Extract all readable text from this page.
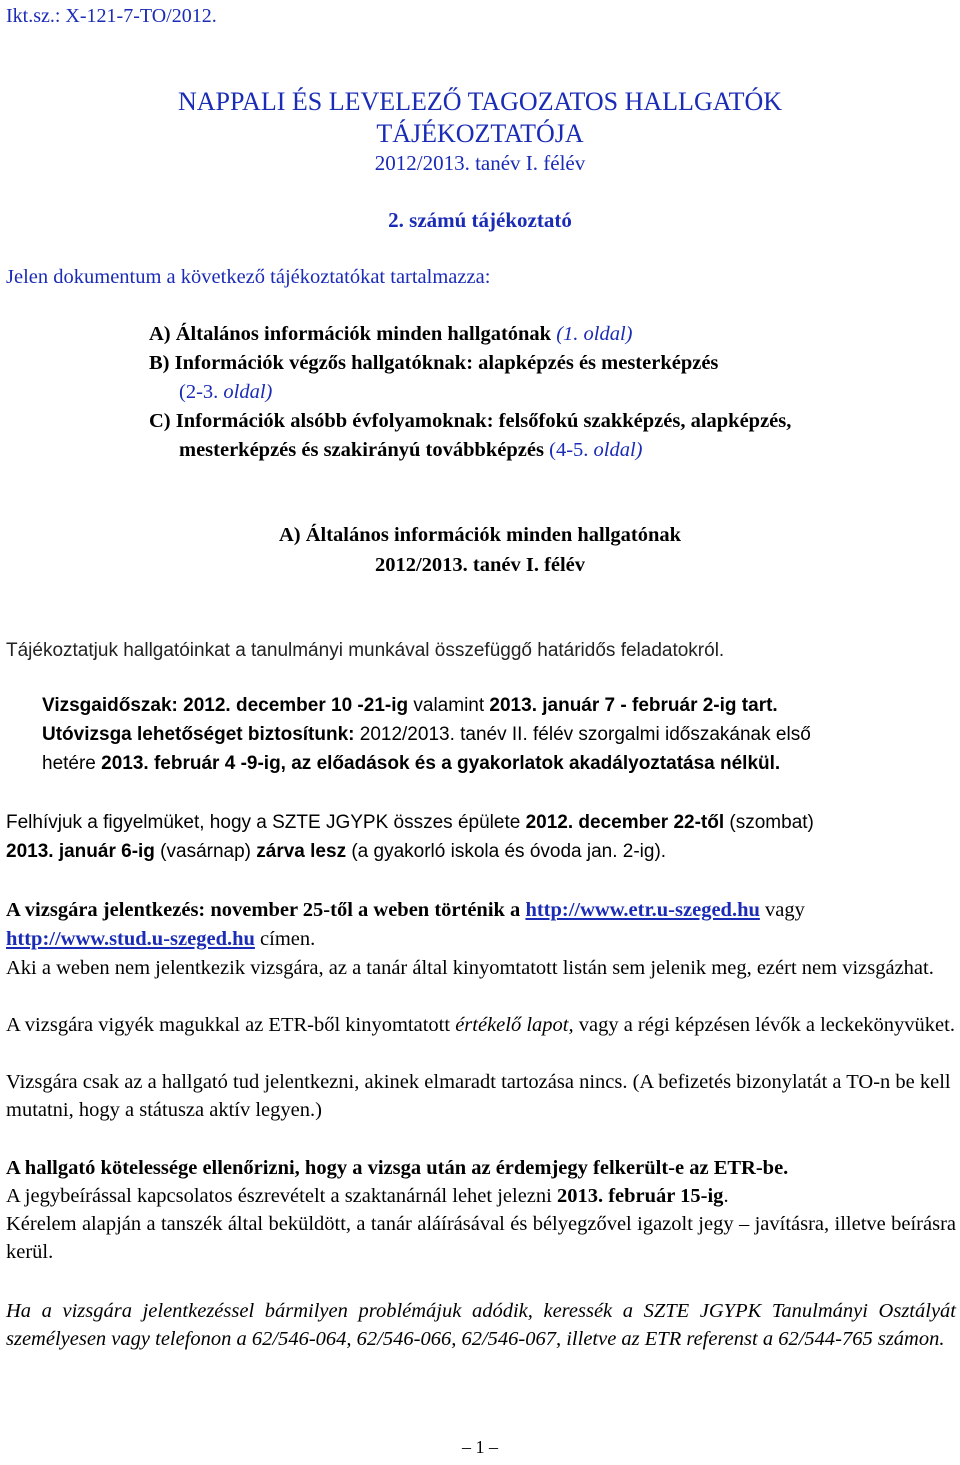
Ikt.sz.: X-121-7-TO/2012.
NAPPALI ÉS LEVELEZŐ TAGOZATOS HALLGATÓK
TÁJÉKOZTATÓJA
2012/2013. tanév I. félév
2. számú tájékoztató
Jelen dokumentum a következő tájékoztatókat tartalmazza:
A) Általános információk minden hallgatónak (1. oldal)
B) Információk végzős hallgatóknak: alapképzés és mesterképzés
(2-3. oldal)
C) Információk alsóbb évfolyamoknak: felsőfokú szakképzés, alapképzés,
mesterképzés és szakirányú továbbképzés (4-5. oldal)
A) Általános információk minden hallgatónak
2012/2013. tanév I. félév
Tájékoztatjuk hallgatóinkat a tanulmányi munkával összefüggő határidős feladatokról.
Vizsgaidőszak: 2012. december 10 -21-ig valamint 2013. január 7 - február 2-ig tart.
Utóvizsga lehetőséget biztosítunk: 2012/2013. tanév II. félév szorgalmi időszakának első
hetére 2013. február 4 -9-ig, az előadások és a gyakorlatok akadályoztatása nélkül.
Felhívjuk a figyelmüket, hogy a SZTE JGYPK összes épülete 2012. december 22-től (szombat)
2013. január 6-ig (vasárnap) zárva lesz (a gyakorló iskola és óvoda jan. 2-ig).
A vizsgára jelentkezés: november 25-től a weben történik a http://www.etr.u-szeged.hu vagy
http://www.stud.u-szeged.hu címen.
Aki a weben nem jelentkezik vizsgára, az a tanár által kinyomtatott listán sem jelenik meg, ezért nem vizsgázhat.
A vizsgára vigyék magukkal az ETR-ből kinyomtatott értékelő lapot, vagy a régi képzésen lévők a leckekönyvüket.
Vizsgára csak az a hallgató tud jelentkezni, akinek elmaradt tartozása nincs. (A befizetés bizonylatát a TO-n be kell mutatni, hogy a státusza aktív legyen.)
A hallgató kötelessége ellenőrizni, hogy a vizsga után az érdemjegy felkerült-e az ETR-be.
A jegybeírással kapcsolatos észrevételt a szaktanárnál lehet jelezni 2013. február 15-ig.
Kérelem alapján a tanszék által beküldött, a tanár aláírásával és bélyegzővel igazolt jegy – javításra, illetve beírásra kerül.
Ha a vizsgára jelentkezéssel bármilyen problémájuk adódik, keressék a SZTE JGYPK Tanulmányi Osztályát személyesen vagy telefonon a 62/546-064, 62/546-066, 62/546-067, illetve az ETR referenst a 62/544-765 számon.
– 1 –
